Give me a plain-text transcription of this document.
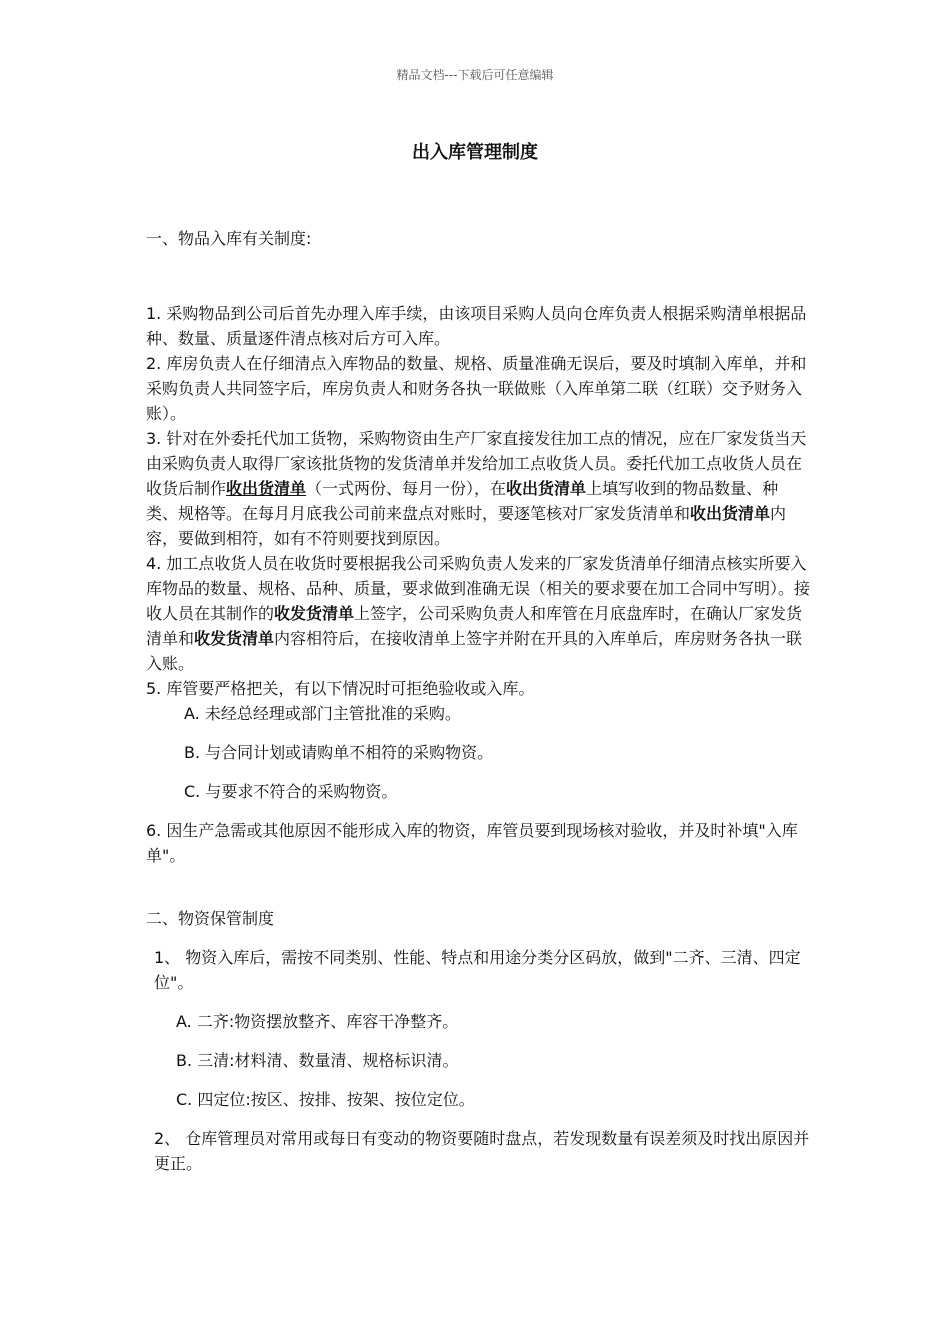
精品文档---下载后可任意编辑
出入库管理制度

一、物品入库有关制度:

1. 采购物品到公司后首先办理入库手续，由该项目采购人员向仓库负责人根据采购清单根据品种、数量、质量逐件清点核对后方可入库。

2. 库房负责人在仔细清点入库物品的数量、规格、质量准确无误后，要及时填制入库单，并和采购负责人共同签字后，库房负责人和财务各执一联做账（入库单第二联（红联）交予财务入账）。

3. 针对在外委托代加工货物，采购物资由生产厂家直接发往加工点的情况，应在厂家发货当天由采购负责人取得厂家该批货物的发货清单并发给加工点收货人员。委托代加工点收货人员在收货后制作收出货清单（一式两份、每月一份），在收出货清单上填写收到的物品数量、种类、规格等。在每月月底我公司前来盘点对账时，要逐笔核对厂家发货清单和收出货清单内容，要做到相符，如有不符则要找到原因。

4. 加工点收货人员在收货时要根据我公司采购负责人发来的厂家发货清单仔细清点核实所要入库物品的数量、规格、品种、质量，要求做到准确无误（相关的要求要在加工合同中写明）。接收人员在其制作的收发货清单上签字，公司采购负责人和库管在月底盘库时，在确认厂家发货清单和收发货清单内容相符后，在接收清单上签字并附在开具的入库单后，库房财务各执一联入账。

5. 库管要严格把关，有以下情况时可拒绝验收或入库。

A. 未经总经理或部门主管批准的采购。

B. 与合同计划或请购单不相符的采购物资。

C. 与要求不符合的采购物资。

6. 因生产急需或其他原因不能形成入库的物资，库管员要到现场核对验收，并及时补填"入库单"。

二、物资保管制度

1、 物资入库后，需按不同类别、性能、特点和用途分类分区码放，做到"二齐、三清、四定位"。

A. 二齐:物资摆放整齐、库容干净整齐。

B. 三清:材料清、数量清、规格标识清。

C. 四定位:按区、按排、按架、按位定位。

2、 仓库管理员对常用或每日有变动的物资要随时盘点，若发现数量有误差须及时找出原因并更正。
